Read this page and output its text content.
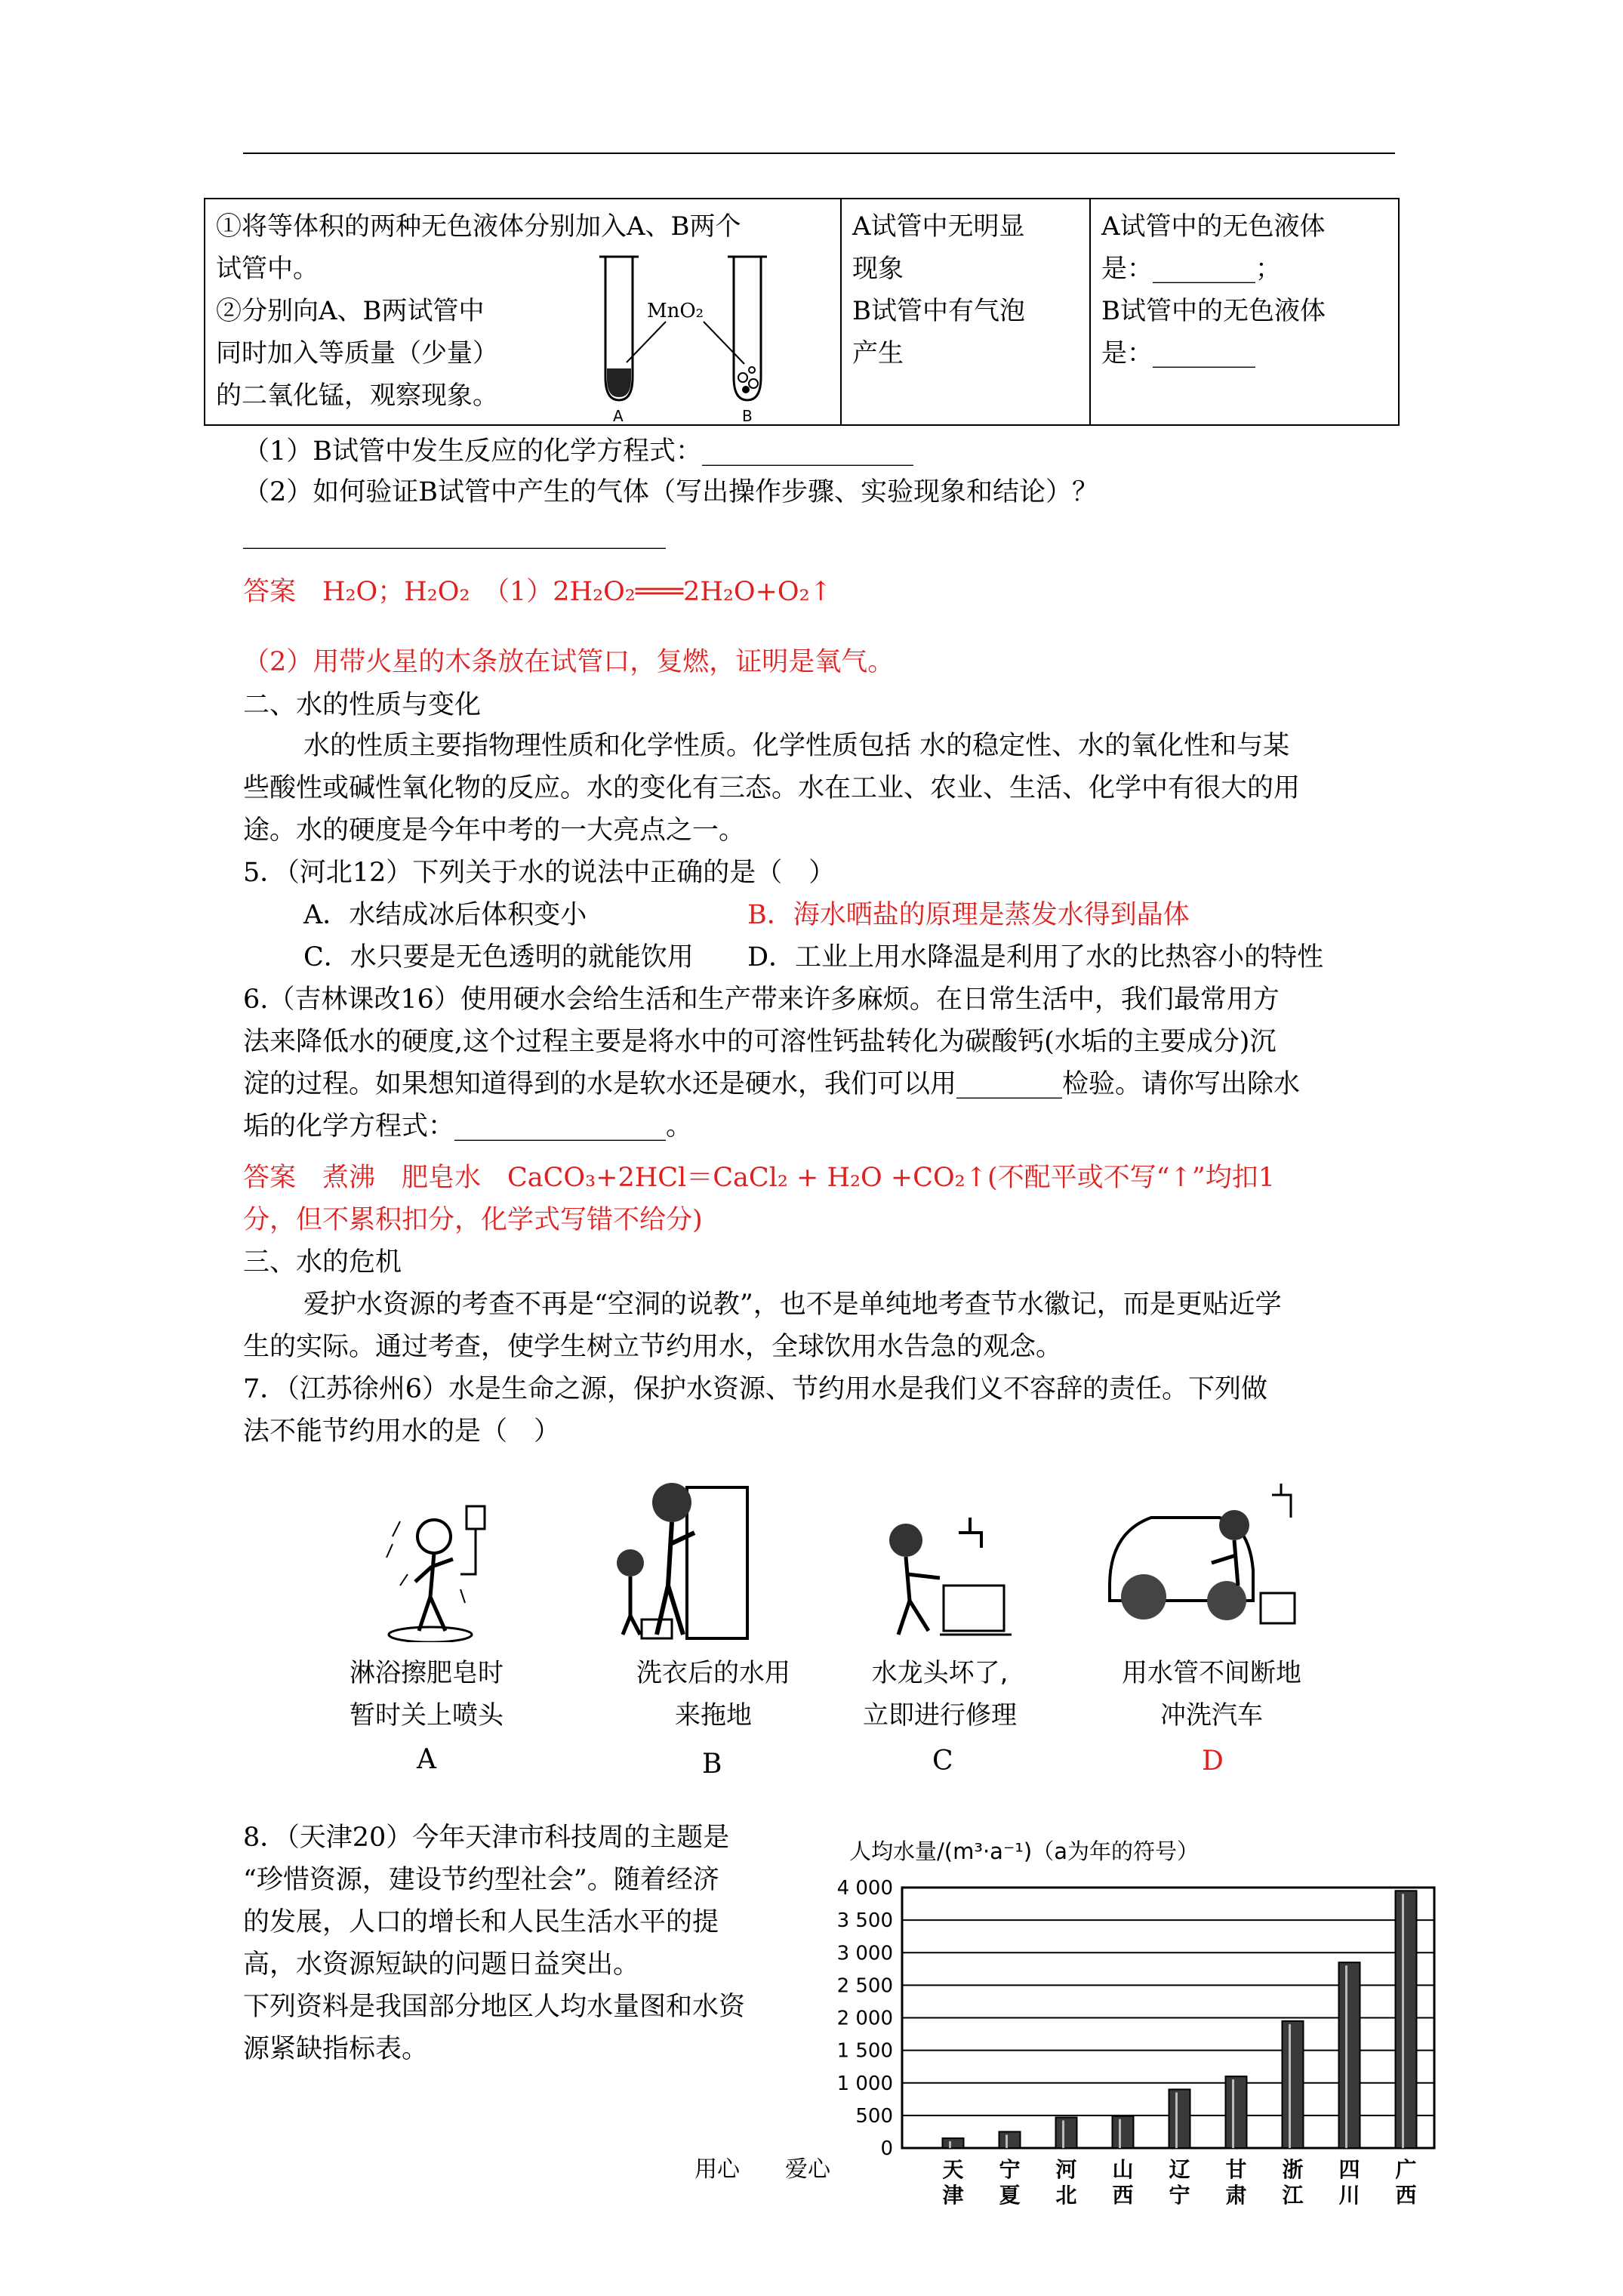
①将等体积的两种无色液体分别加入A、B两个
试管中。
②分别向A、B两试管中
同时加入等质量（少量）
的二氧化锰，观察现象。
MnO₂
A	B

A试管中无明显
现象
B试管中有气泡
产生

A试管中的无色液体
是：________；
B试管中的无色液体
是：________
（1）B试管中发生反应的化学方程式：________________
（2）如何验证B试管中产生的气体（写出操作步骤、实验现象和结论）？
________________________________
答案　H₂O；H₂O₂　（1）2H₂O₂═══2H₂O+O₂↑
（2）用带火星的木条放在试管口，复燃，证明是氧气。
二、水的性质与变化
水的性质主要指物理性质和化学性质。化学性质包括 水的稳定性、水的氧化性和与某
些酸性或碱性氧化物的反应。水的变化有三态。水在工业、农业、生活、化学中有很大的用
途。水的硬度是今年中考的一大亮点之一。
5．（河北12）下列关于水的说法中正确的是（　）
A．水结成冰后体积变小	B．海水晒盐的原理是蒸发水得到晶体
C．水只要是无色透明的就能饮用 D．工业上用水降温是利用了水的比热容小的特性
6.（吉林课改16）使用硬水会给生活和生产带来许多麻烦。在日常生活中，我们最常用方
法来降低水的硬度,这个过程主要是将水中的可溶性钙盐转化为碳酸钙(水垢的主要成分)沉
淀的过程。如果想知道得到的水是软水还是硬水，我们可以用________检验。请你写出除水
垢的化学方程式：________________。
答案　煮沸　肥皂水　CaCO₃+2HCl＝CaCl₂ + H₂O +CO₂↑(不配平或不写“↑”均扣1
分，但不累积扣分，化学式写错不给分)
三、水的危机
爱护水资源的考查不再是“空洞的说教”，也不是单纯地考查节水徽记，而是更贴近学
生的实际。通过考查，使学生树立节约用水，全球饮用水告急的观念。
7．（江苏徐州6）水是生命之源，保护水资源、节约用水是我们义不容辞的责任。下列做
法不能节约用水的是（　）
淋浴擦肥皂时
暂时关上喷头
洗衣后的水用
来拖地
水龙头坏了,
立即进行修理
用水管不间断地
冲洗汽车
A	B	C	D
8．（天津20）今年天津市科技周的主题是
“珍惜资源，建设节约型社会”。随着经济
的发展，人口的增长和人民生活水平的提
高，水资源短缺的问题日益突出。
下列资料是我国部分地区人均水量图和水资
源紧缺指标表。
人均水量/(m³·a⁻¹)（a为年的符号）
4 000
3 500
3 000
2 500
2 000
1 500
1 000
500
0
天
津
宁
夏
河
北
山
西
辽
宁
甘
肃
浙
江
四
川
广
西
用心　　爱心
